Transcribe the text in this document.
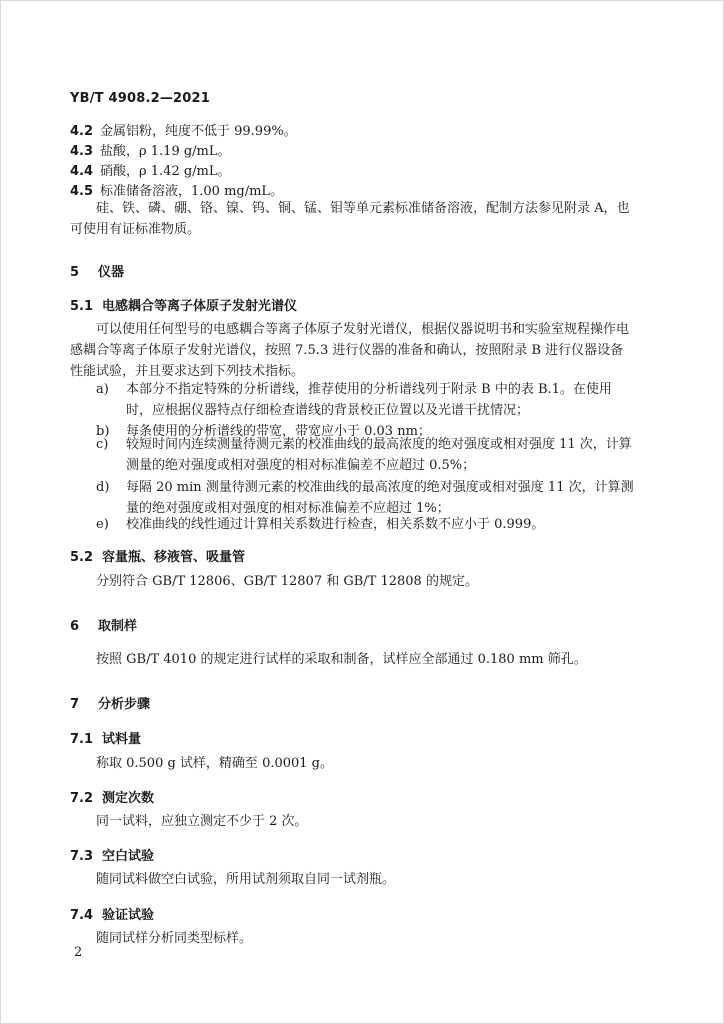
YB/T 4908.2—2021
4.2 金属铝粉，纯度不低于 99.99%。
4.3 盐酸，ρ 1.19 g/mL。
4.4 硝酸，ρ 1.42 g/mL。
4.5 标准储备溶液，1.00 mg/mL。
硅、铁、磷、硼、铬、镍、钨、铜、锰、钼等单元素标准储备溶液，配制方法参见附录 A，也可使用有证标准物质。
5 仪器
5.1 电感耦合等离子体原子发射光谱仪
可以使用任何型号的电感耦合等离子体原子发射光谱仪，根据仪器说明书和实验室规程操作电感耦合等离子体原子发射光谱仪，按照 7.5.3 进行仪器的准备和确认，按照附录 B 进行仪器设备性能试验，并且要求达到下列技术指标。
a) 本部分不指定特殊的分析谱线，推荐使用的分析谱线列于附录 B 中的表 B.1。在使用时，应根据仪器特点仔细检查谱线的背景校正位置以及光谱干扰情况；
b) 每条使用的分析谱线的带宽，带宽应小于 0.03 nm；
c) 较短时间内连续测量待测元素的校准曲线的最高浓度的绝对强度或相对强度 11 次，计算测量的绝对强度或相对强度的相对标准偏差不应超过 0.5%；
d) 每隔 20 min 测量待测元素的校准曲线的最高浓度的绝对强度或相对强度 11 次，计算测量的绝对强度或相对强度的相对标准偏差不应超过 1%；
e) 校准曲线的线性通过计算相关系数进行检查，相关系数不应小于 0.999。
5.2 容量瓶、移液管、吸量管
分别符合 GB/T 12806、GB/T 12807 和 GB/T 12808 的规定。
6 取制样
按照 GB/T 4010 的规定进行试样的采取和制备，试样应全部通过 0.180 mm 筛孔。
7 分析步骤
7.1 试料量
称取 0.500 g 试样，精确至 0.0001 g。
7.2 测定次数
同一试料，应独立测定不少于 2 次。
7.3 空白试验
随同试料做空白试验，所用试剂须取自同一试剂瓶。
7.4 验证试验
随同试样分析同类型标样。
2
